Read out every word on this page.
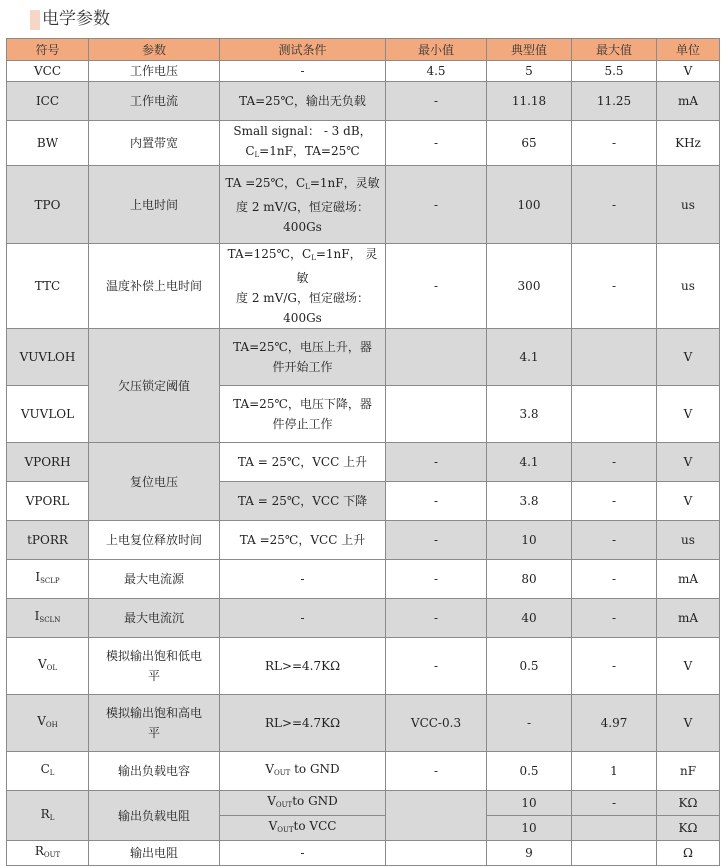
电学参数
符号	参数	测试条件	最小值	典型值	最大值	单位
VCC	工作电压	-	4.5	5	5.5	V
ICC	工作电流	TA=25℃，输出无负载	-	11.18	11.25	mA
BW	内置带宽	Small signal： - 3 dB，
$C_L=1nF$，TA=25℃	-	65	-	KHz
TPO	上电时间	TA =25℃，$C_L=1nF$，灵敏
度 2 mV/G，恒定磁场：
400Gs	-	100	-	us
TTC	温度补偿上电时间	TA=125℃，$C_L=1nF$， 灵敏
度 2 mV/G，恒定磁场：
400Gs	-	300	-	us
VUVLOH	欠压锁定阈值	TA=25℃，电压上升，器
件开始工作		4.1		V
VUVLOL		TA=25℃，电压下降，器
件停止工作		3.8		V
VPORH	复位电压	TA = 25℃，VCC 上升	-	4.1	-	V
VPORL		TA = 25℃，VCC 下降	-	3.8	-	V
tPORR	上电复位释放时间	TA =25℃，VCC 上升	-	10	-	us
$I_{SCLP}$	最大电流源	-	-	80	-	mA
$I_{SCLN}$	最大电流沉	-	-	40	-	mA
$V_{OL}$	模拟输出饱和低电
平	RL>=4.7KΩ	-	0.5	-	V
$V_{OH}$	模拟输出饱和高电
平	RL>=4.7KΩ	VCC-0.3	-	4.97	V
$C_L$	输出负载电容	$V_{OUT}$ to GND	-	0.5	1	nF
$R_L$	输出负载电阻	$V_{OUT}to$ GND		10	-	KΩ
		$V_{OUT}to$ VCC		10		KΩ
$R_{OUT}$	输出电阻	-		9		Ω
